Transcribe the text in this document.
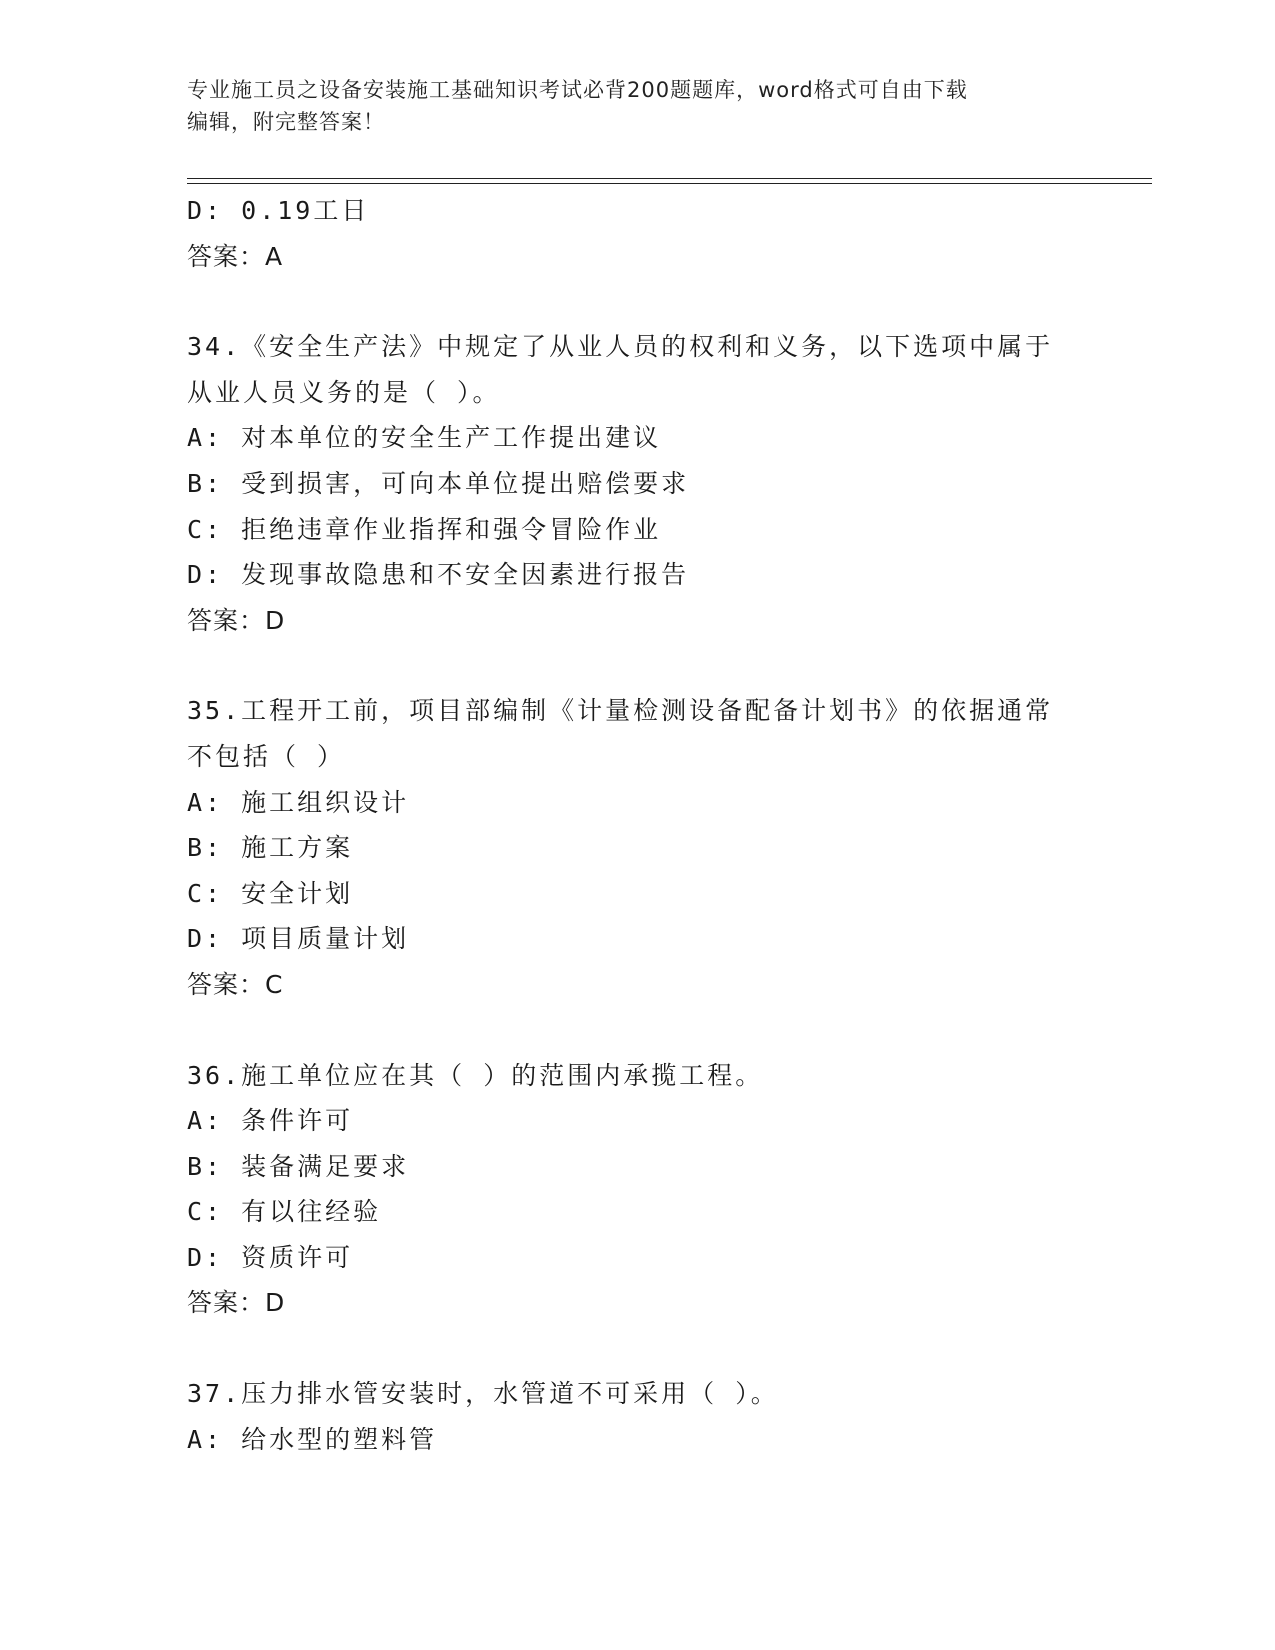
专业施工员之设备安装施工基础知识考试必背200题题库，word格式可自由下载
编辑，附完整答案！
D: 0.19工日
答案：A
34.《安全生产法》中规定了从业人员的权利和义务，以下选项中属于
从业人员义务的是（ ）。
A: 对本单位的安全生产工作提出建议
B: 受到损害，可向本单位提出赔偿要求
C: 拒绝违章作业指挥和强令冒险作业
D: 发现事故隐患和不安全因素进行报告
答案：D
35.工程开工前，项目部编制《计量检测设备配备计划书》的依据通常
不包括（ ）
A: 施工组织设计
B: 施工方案
C: 安全计划
D: 项目质量计划
答案：C
36.施工单位应在其（ ）的范围内承揽工程。
A: 条件许可
B: 装备满足要求
C: 有以往经验
D: 资质许可
答案：D
37.压力排水管安装时，水管道不可采用（ ）。
A: 给水型的塑料管
